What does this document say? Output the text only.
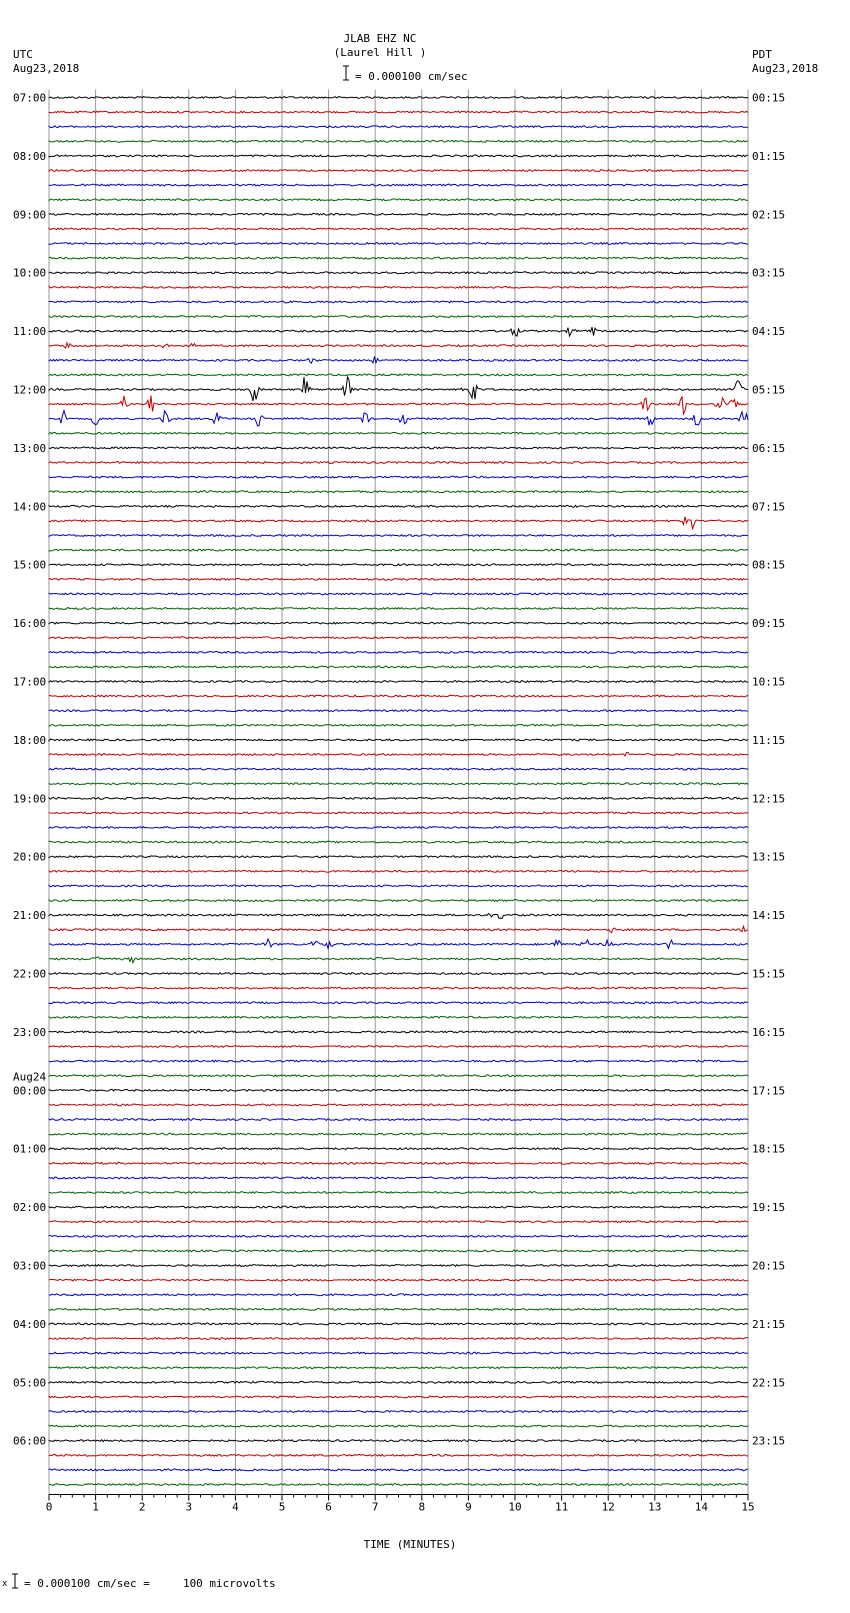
JLAB EHZ NC
(Laurel Hill )
= 0.000100 cm/sec
UTC
Aug23,2018
PDT
Aug23,2018
0	1	2	3	4	5	6	7	8	9	10	11	12	13	14	15
07:00
08:00
09:00
10:00
11:00
12:00
13:00
14:00
15:00
16:00
17:00
18:00
19:00
20:00
21:00
22:00
23:00
Aug24
00:00
01:00
02:00
03:00
04:00
05:00
06:00
00:15
01:15
02:15
03:15
04:15
05:15
06:15
07:15
08:15
09:15
10:15
11:15
12:15
13:15
14:15
15:15
16:15
17:15
18:15
19:15
20:15
21:15
22:15
23:15
TIME (MINUTES)
x = 0.000100 cm/sec =     100 microvolts
